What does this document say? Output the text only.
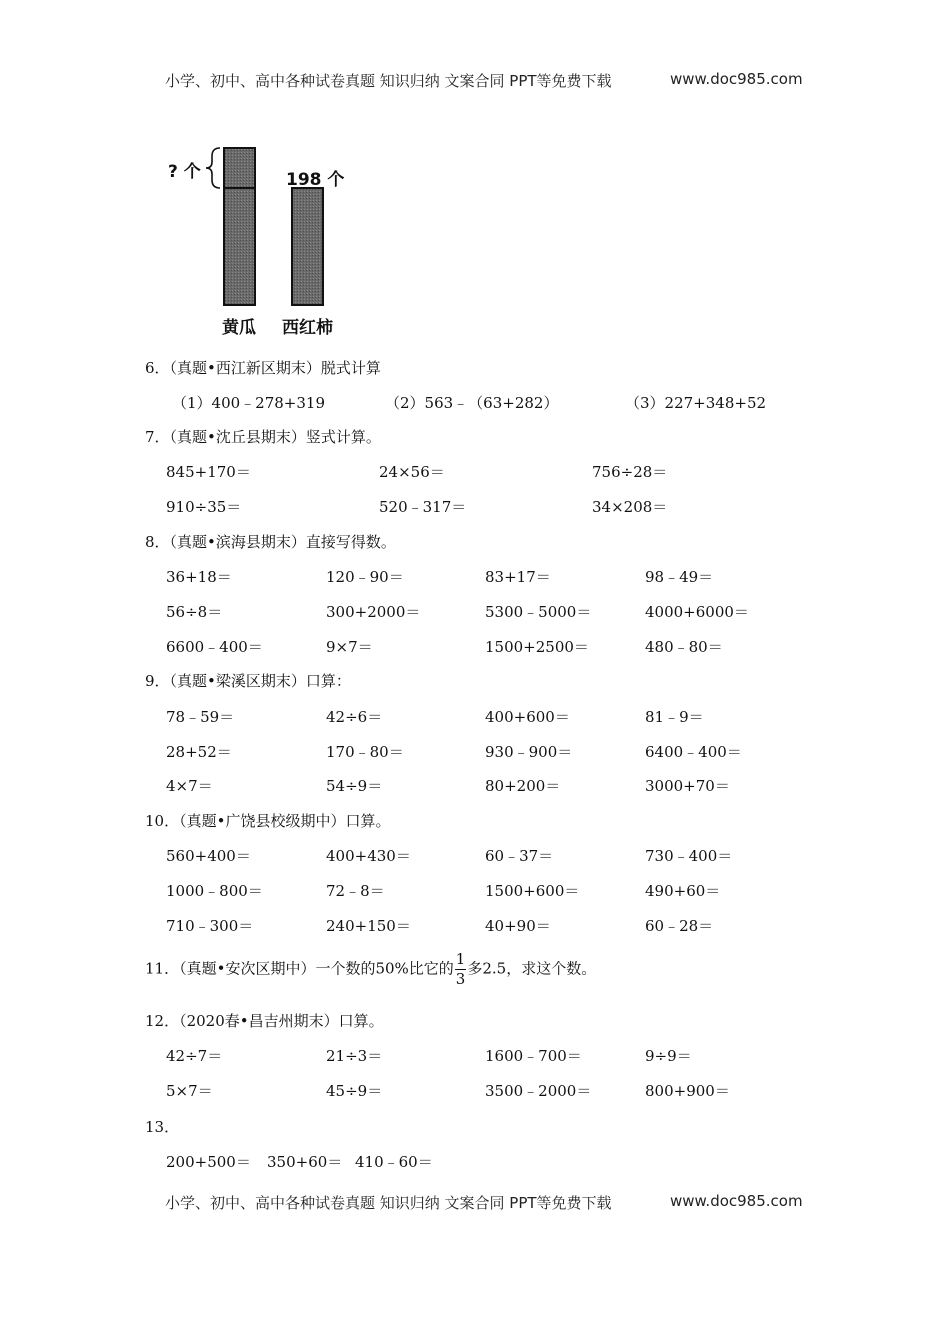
小学、初中、高中各种试卷真题 知识归纳 文案合同 PPT等免费下载	www.doc985.com
? 个	198 个
黄瓜 西红柿
6．（真题•西江新区期末）脱式计算
（1）400﹣278+319	（2）563﹣（63+282）	（3）227+348+52
7．（真题•沈丘县期末）竖式计算。
845+170＝	24×56＝	756÷28＝
910÷35＝	520﹣317＝	34×208＝
8．（真题•滨海县期末）直接写得数。
36+18＝	120﹣90＝	83+17＝	98﹣49＝
56÷8＝	300+2000＝	5300﹣5000＝	4000+6000＝
6600﹣400＝	9×7＝	1500+2500＝	480﹣80＝
9．（真题•梁溪区期末）口算：
78﹣59＝	42÷6＝	400+600＝	81﹣9＝
28+52＝	170﹣80＝	930﹣900＝	6400﹣400＝
4×7＝	54÷9＝	80+200＝	3000+70＝
10．（真题•广饶县校级期中）口算。
560+400＝	400+430＝	60﹣37＝	730﹣400＝
1000﹣800＝	72﹣8＝	1500+600＝	490+60＝
710﹣300＝	240+150＝	40+90＝	60﹣28＝
11．（真题•安次区期中）一个数的50%比它的 $\frac{1}{3}$ 多2.5，求这个数。
12．（2020春•昌吉州期末）口算。
42÷7＝	21÷3＝	1600﹣700＝	9÷9＝
5×7＝	45÷9＝	3500﹣2000＝	800+900＝
13．
200+500＝ 350+60＝ 410﹣60＝
小学、初中、高中各种试卷真题 知识归纳 文案合同 PPT等免费下载	www.doc985.com
